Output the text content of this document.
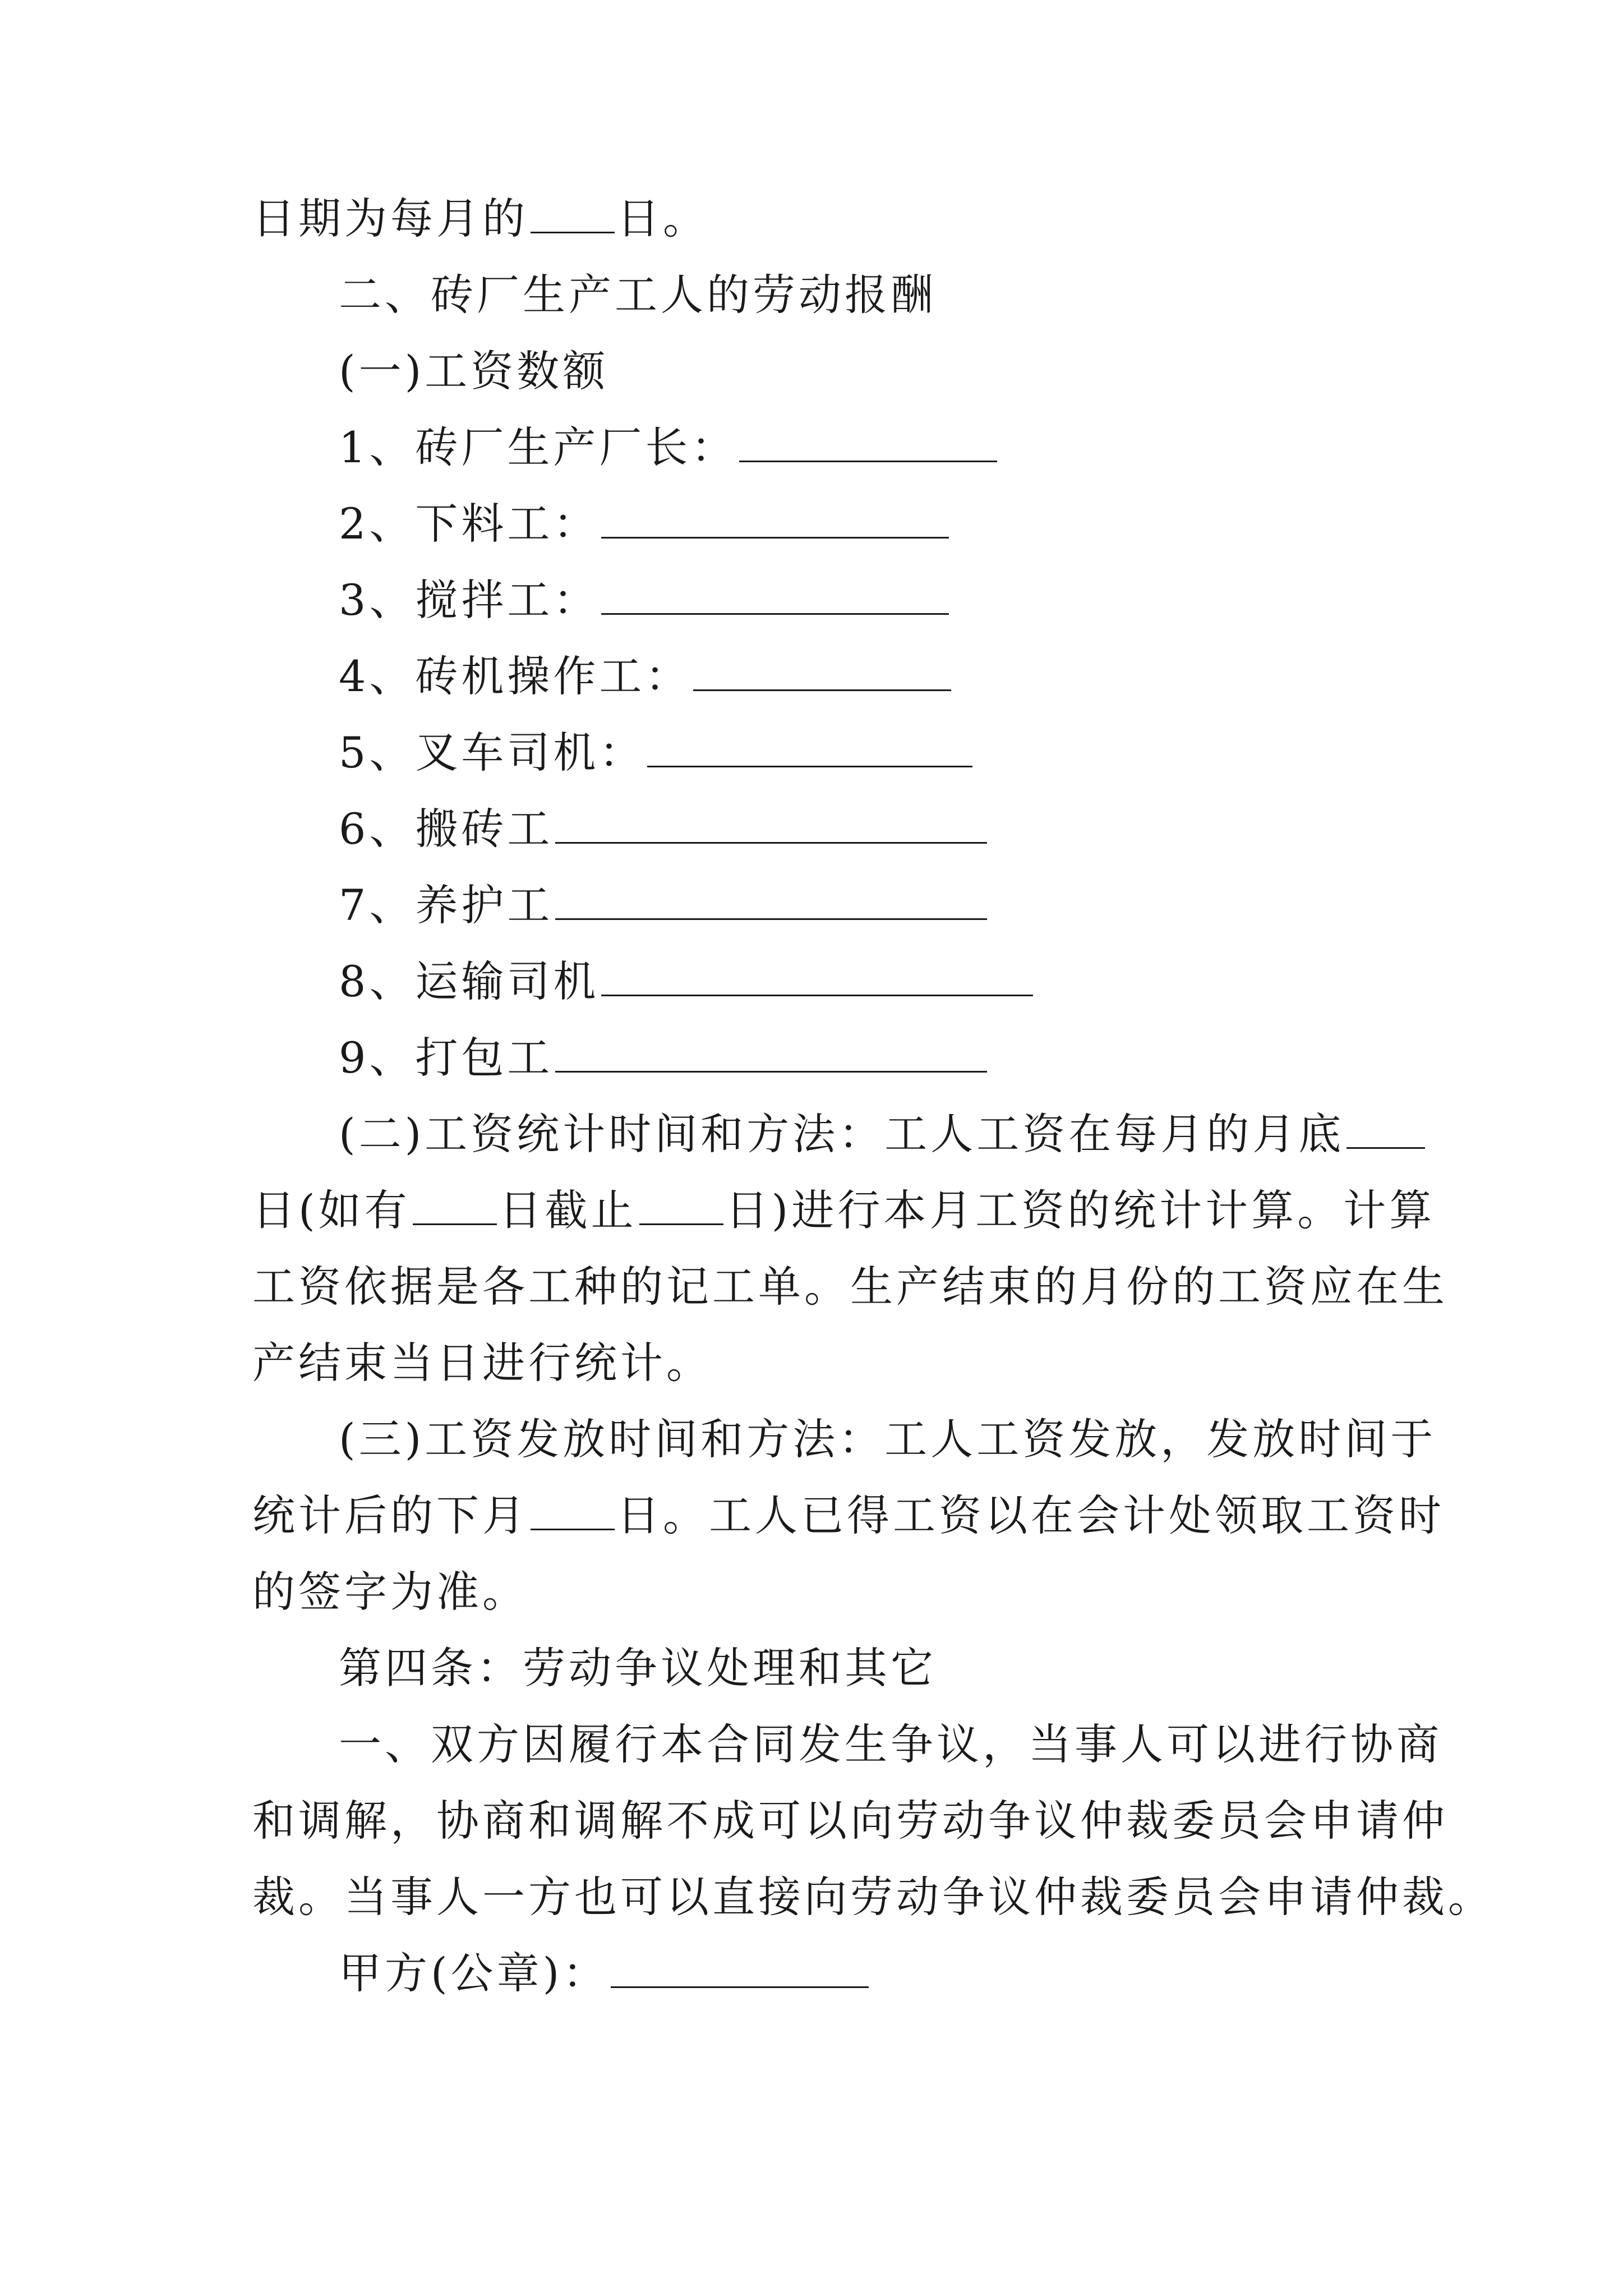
日期为每月的 日。
二、砖厂生产工人的劳动报酬
(一)工资数额
1、砖厂生产厂长：
2、下料工：
3、搅拌工：
4、砖机操作工：
5、叉车司机：
6、搬砖工
7、养护工
8、运输司机
9、打包工
(二)工资统计时间和方法：工人工资在每月的月底
日(如有 日截止 日)进行本月工资的统计计算。计算
工资依据是各工种的记工单。生产结束的月份的工资应在生
产结束当日进行统计。
(三)工资发放时间和方法：工人工资发放，发放时间于
统计后的下月 日。工人已得工资以在会计处领取工资时
的签字为准。
第四条：劳动争议处理和其它
一、双方因履行本合同发生争议，当事人可以进行协商
和调解，协商和调解不成可以向劳动争议仲裁委员会申请仲
裁。当事人一方也可以直接向劳动争议仲裁委员会申请仲裁。
甲方(公章)：
